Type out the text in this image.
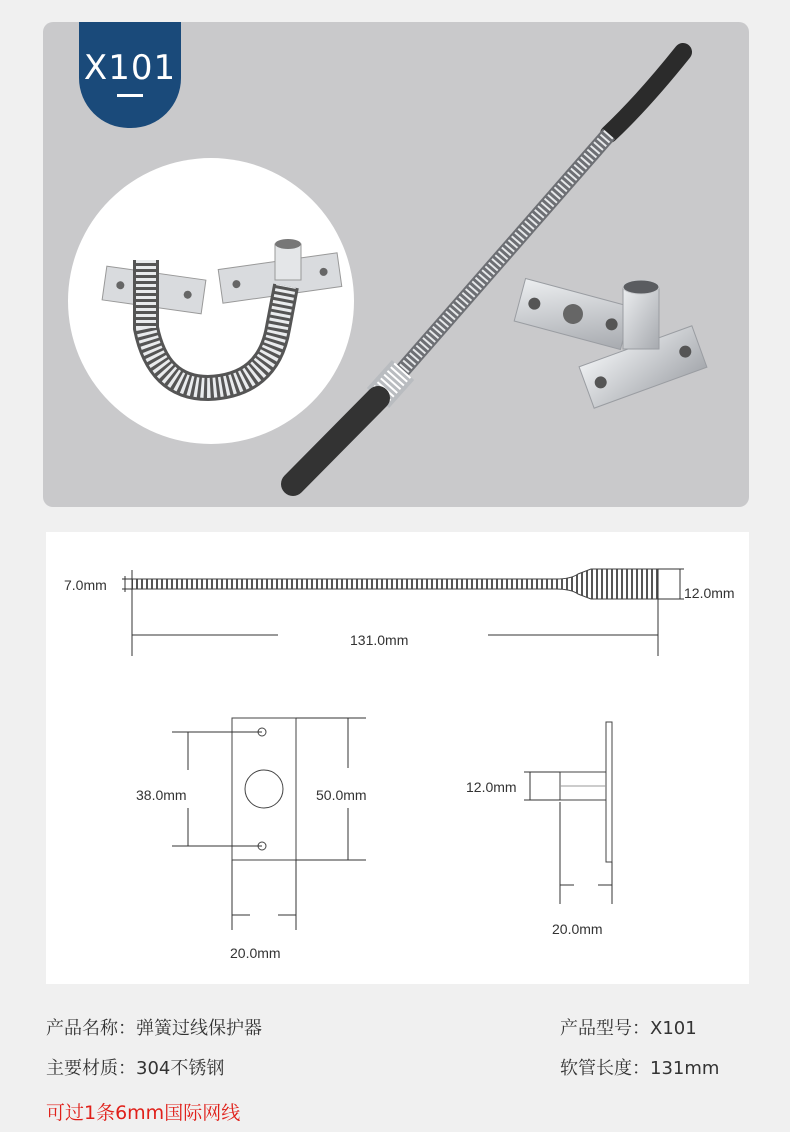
X101
7.0mm	12.0mm
131.0mm
38.0mm	50.0mm
20.0mm
12.0mm
20.0mm
产品名称：弹簧过线保护器	产品型号：X101
主要材质：304不锈钢	软管长度：131mm
可过1条6mm国际网线
